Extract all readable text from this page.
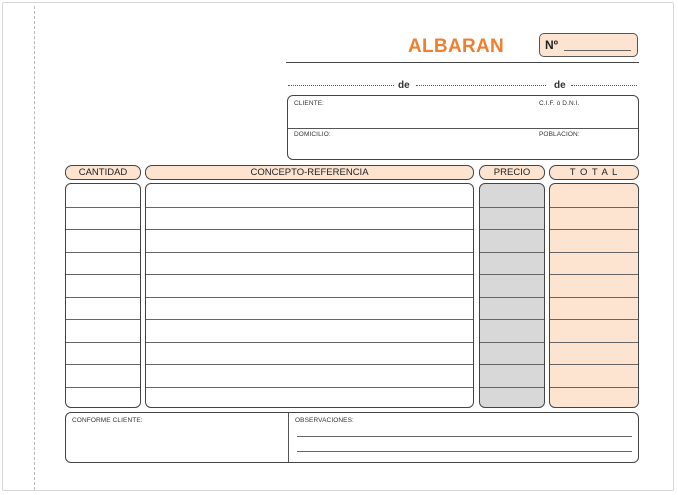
ALBARAN	Nº
de	de
CLIENTE:	C.I.F. ó D.N.I.
DOMICILIO:	POBLACION:
CANTIDAD	CONCEPTO-REFERENCIA	PRECIO	T O T A L
CONFORME CLIENTE:	OBSERVACIONES:
